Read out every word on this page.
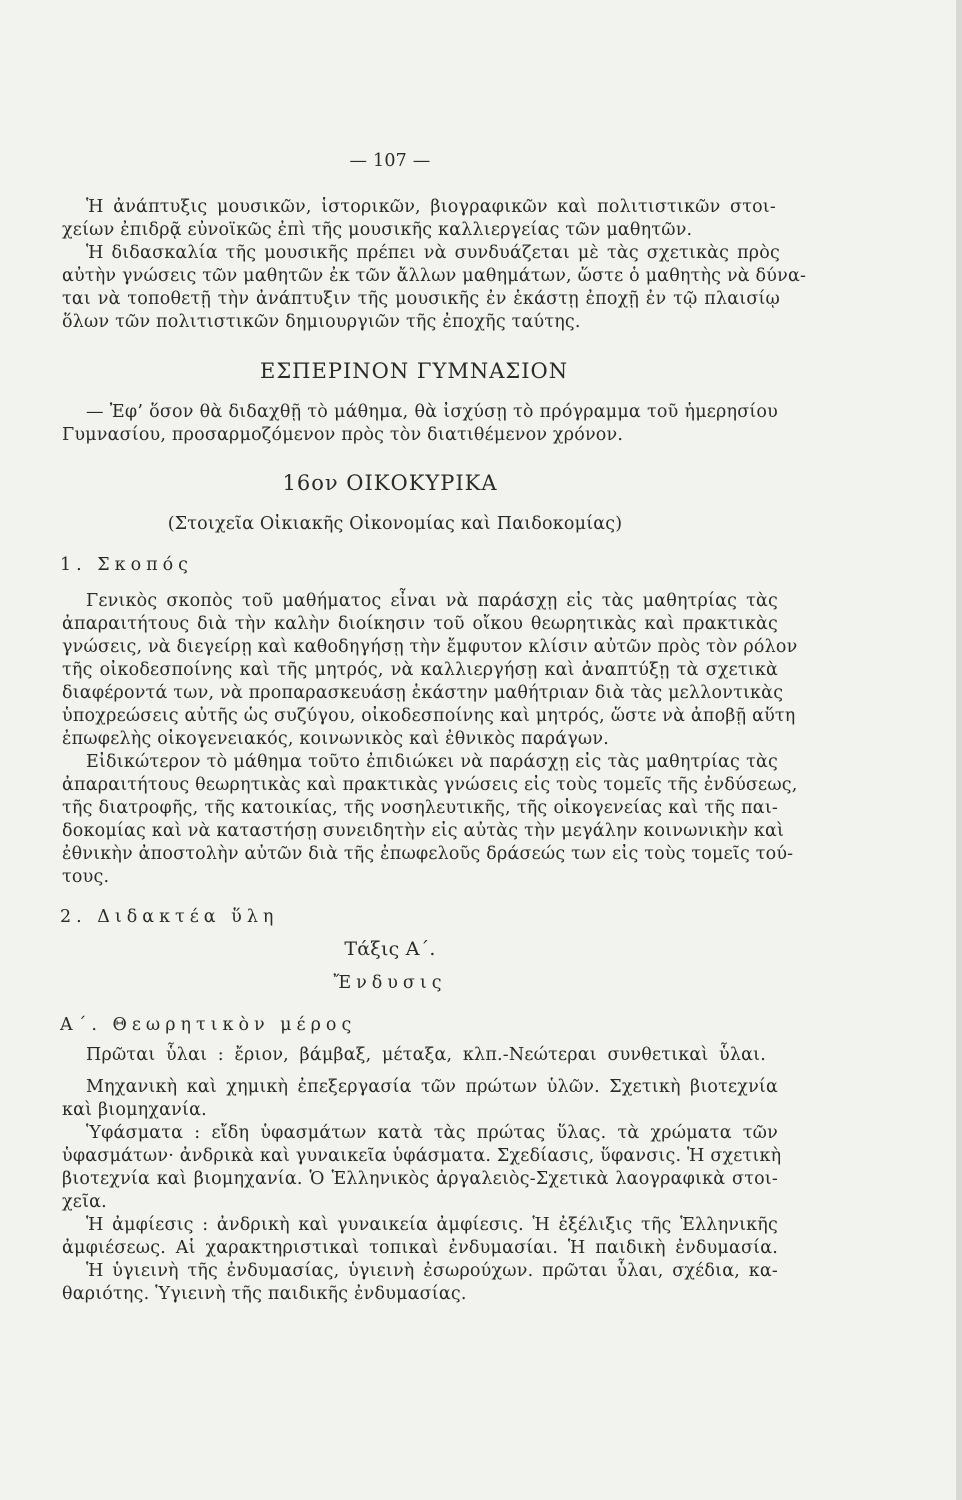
— 107 —
Ἡ ἀνάπτυξις μουσικῶν, ἱστορικῶν, βιογραφικῶν καὶ πολιτιστικῶν στοι-
χείων ἐπιδρᾷ εὐνοϊκῶς ἐπὶ τῆς μουσικῆς καλλιεργείας τῶν μαθητῶν.
Ἡ διδασκαλία τῆς μουσικῆς πρέπει νὰ συνδυάζεται μὲ τὰς σχετικὰς πρὸς
αὐτὴν γνώσεις τῶν μαθητῶν ἐκ τῶν ἄλλων μαθημάτων, ὥστε ὁ μαθητὴς νὰ δύνα-
ται νὰ τοποθετῇ τὴν ἀνάπτυξιν τῆς μουσικῆς ἐν ἑκάστῃ ἐποχῇ ἐν τῷ πλαισίῳ
ὅλων τῶν πολιτιστικῶν δημιουργιῶν τῆς ἐποχῆς ταύτης.
ΕΣΠΕΡΙΝΟΝ ΓΥΜΝΑΣΙΟΝ
— Ἐφ’ ὅσον θὰ διδαχθῇ τὸ μάθημα, θὰ ἰσχύσῃ τὸ πρόγραμμα τοῦ ἡμερησίου
Γυμνασίου, προσαρμοζόμενον πρὸς τὸν διατιθέμενον χρόνον.
16ον ΟΙΚΟΚΥΡΙΚΑ
(Στοιχεῖα Οἰκιακῆς Οἰκονομίας καὶ Παιδοκομίας)
1. Σκοπός
Γενικὸς σκοπὸς τοῦ μαθήματος εἶναι νὰ παράσχῃ εἰς τὰς μαθητρίας τὰς
ἀπαραιτήτους διὰ τὴν καλὴν διοίκησιν τοῦ οἴκου θεωρητικὰς καὶ πρακτικὰς
γνώσεις, νὰ διεγείρῃ καὶ καθοδηγήσῃ τὴν ἔμφυτον κλίσιν αὐτῶν πρὸς τὸν ρόλον
τῆς οἰκοδεσποίνης καὶ τῆς μητρός, νὰ καλλιεργήσῃ καὶ ἀναπτύξῃ τὰ σχετικὰ
διαφέροντά των, νὰ προπαρασκευάσῃ ἑκάστην μαθήτριαν διὰ τὰς μελλοντικὰς
ὑποχρεώσεις αὐτῆς ὡς συζύγου, οἰκοδεσποίνης καὶ μητρός, ὥστε νὰ ἀποβῇ αὕτη
ἐπωφελὴς οἰκογενειακός, κοινωνικὸς καὶ ἐθνικὸς παράγων.
Εἰδικώτερον τὸ μάθημα τοῦτο ἐπιδιώκει νὰ παράσχῃ εἰς τὰς μαθητρίας τὰς
ἀπαραιτήτους θεωρητικὰς καὶ πρακτικὰς γνώσεις εἰς τοὺς τομεῖς τῆς ἐνδύσεως,
τῆς διατροφῆς, τῆς κατοικίας, τῆς νοσηλευτικῆς, τῆς οἰκογενείας καὶ τῆς παι-
δοκομίας καὶ νὰ καταστήσῃ συνειδητὴν εἰς αὐτὰς τὴν μεγάλην κοινωνικὴν καὶ
ἐθνικὴν ἀποστολὴν αὐτῶν διὰ τῆς ἐπωφελοῦς δράσεώς των εἰς τοὺς τομεῖς τού-
τους.
2. Διδακτέα ὕλη
Τάξις Α΄.
Ἔνδυσις
Α΄. Θεωρητικὸν μέρος
Πρῶται ὗλαι : ἔριον, βάμβαξ, μέταξα, κλπ.-Νεώτεραι συνθετικαὶ ὗλαι.
Μηχανικὴ καὶ χημικὴ ἐπεξεργασία τῶν πρώτων ὑλῶν. Σχετικὴ βιοτεχνία
καὶ βιομηχανία.
Ὑφάσματα : εἴδη ὑφασμάτων κατὰ τὰς πρώτας ὕλας. τὰ χρώματα τῶν
ὑφασμάτων· ἀνδρικὰ καὶ γυναικεῖα ὑφάσματα. Σχεδίασις, ὕφανσις. Ἡ σχετικὴ
βιοτεχνία καὶ βιομηχανία. Ὁ Ἑλληνικὸς ἀργαλειὸς-Σχετικὰ λαογραφικὰ στοι-
χεῖα.
Ἡ ἀμφίεσις : ἀνδρικὴ καὶ γυναικεία ἀμφίεσις. Ἡ ἐξέλιξις τῆς Ἑλληνικῆς
ἀμφιέσεως. Αἱ χαρακτηριστικαὶ τοπικαὶ ἐνδυμασίαι. Ἡ παιδικὴ ἐνδυμασία.
Ἡ ὑγιεινὴ τῆς ἐνδυμασίας, ὑγιεινὴ ἐσωρούχων. πρῶται ὗλαι, σχέδια, κα-
θαριότης. Ὑγιεινὴ τῆς παιδικῆς ἐνδυμασίας.
